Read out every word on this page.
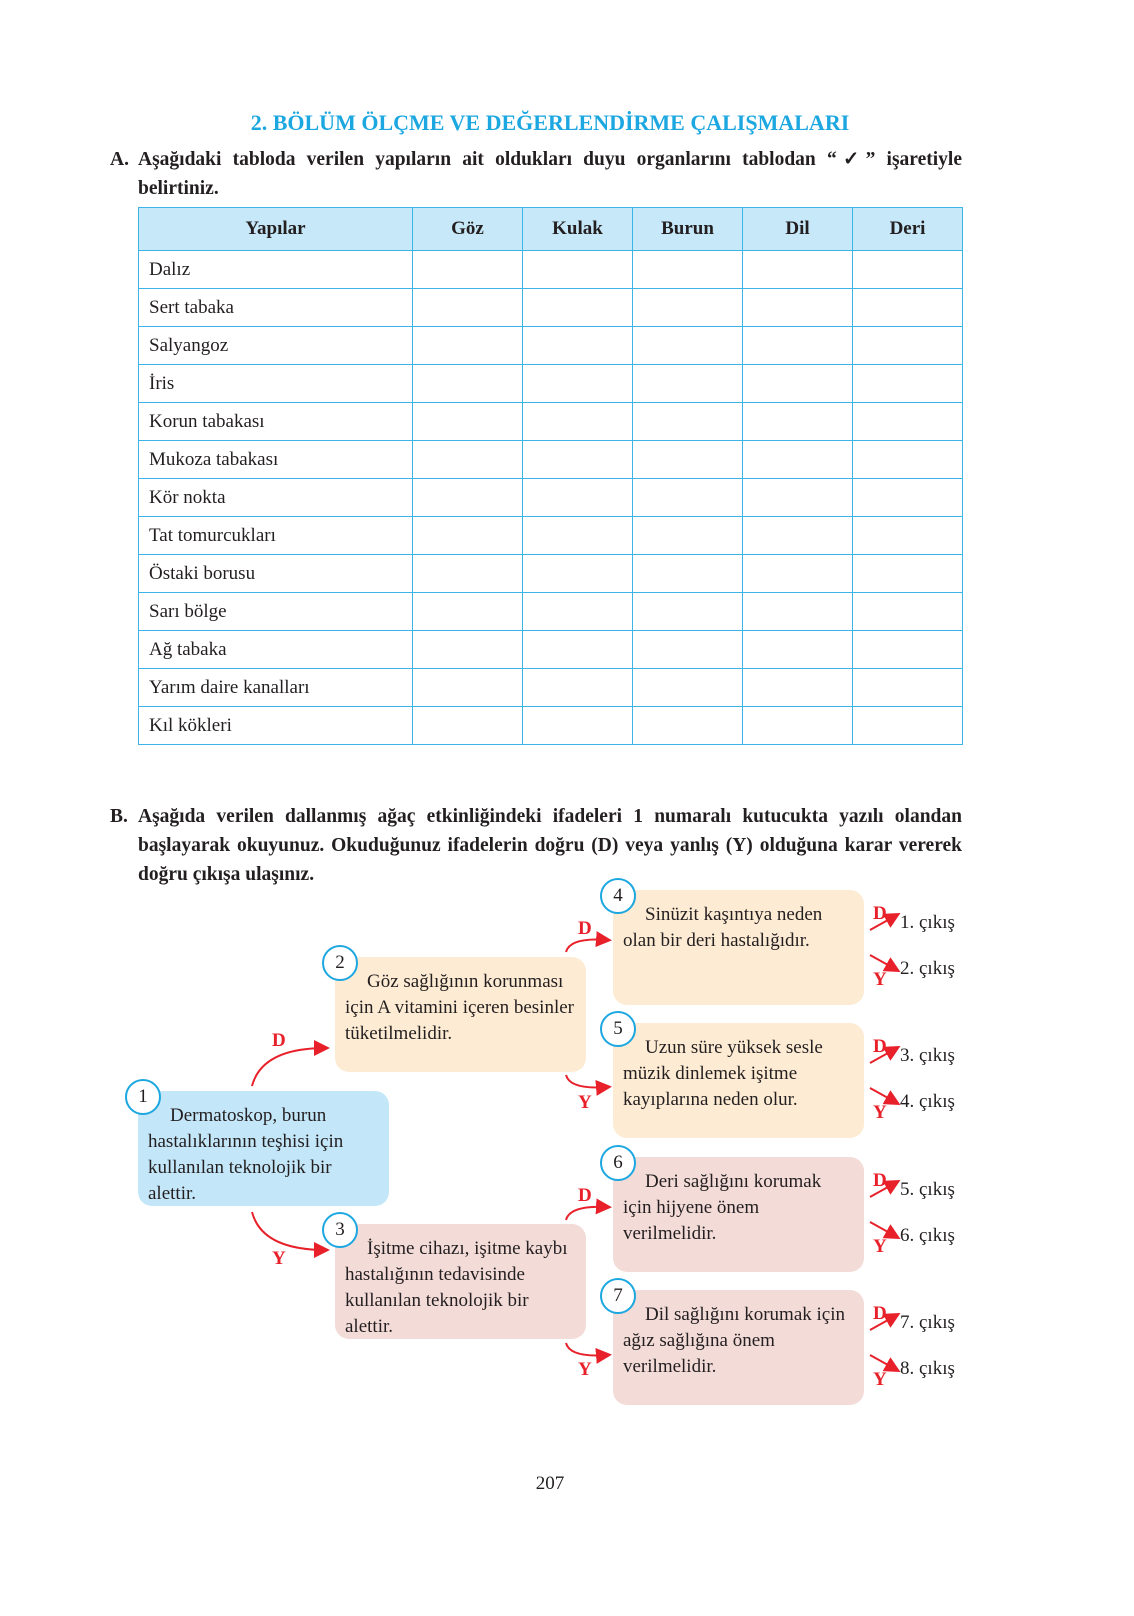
2. BÖLÜM ÖLÇME VE DEĞERLENDİRME ÇALIŞMALARI
A. Aşağıdaki tabloda verilen yapıların ait oldukları duyu organlarını tablodan “✓” işaretiyle belirtiniz.
Yapılar	Göz	Kulak	Burun	Dil	Deri
Dalız					
Sert tabaka					
Salyangoz					
İris					
Korun tabakası					
Mukoza tabakası					
Kör nokta					
Tat tomurcukları					
Östaki borusu					
Sarı bölge					
Ağ tabaka					
Yarım daire kanalları					
Kıl kökleri					
B. Aşağıda verilen dallanmış ağaç etkinliğindeki ifadeleri 1 numaralı kutucukta yazılı olandan başlayarak okuyunuz. Okuduğunuz ifadelerin doğru (D) veya yanlış (Y) olduğuna karar vererek doğru çıkışa ulaşınız.
207
Dermatoskop, burun hastalıklarının teşhisi için kullanılan teknolojik bir alettir.
1
Göz sağlığının korunması için A vitamini içeren besinler tüketilmelidir.
2
İşitme cihazı, işitme kaybı hastalığının tedavisinde kullanılan teknolojik bir alettir.
3
Sinüzit kaşıntıya neden olan bir deri hastalığıdır.
4
Uzun süre yüksek sesle müzik dinlemek işitme kayıplarına neden olur.
5
Deri sağlığını korumak için hijyene önem verilmelidir.
6
Dil sağlığını korumak için ağız sağlığına önem verilmelidir.
7
D
Y
D
Y
D
Y
D
Y
1. çıkış
2. çıkış
D
Y
3. çıkış
4. çıkış
D
Y
5. çıkış
6. çıkış
D
Y
7. çıkış
8. çıkış
